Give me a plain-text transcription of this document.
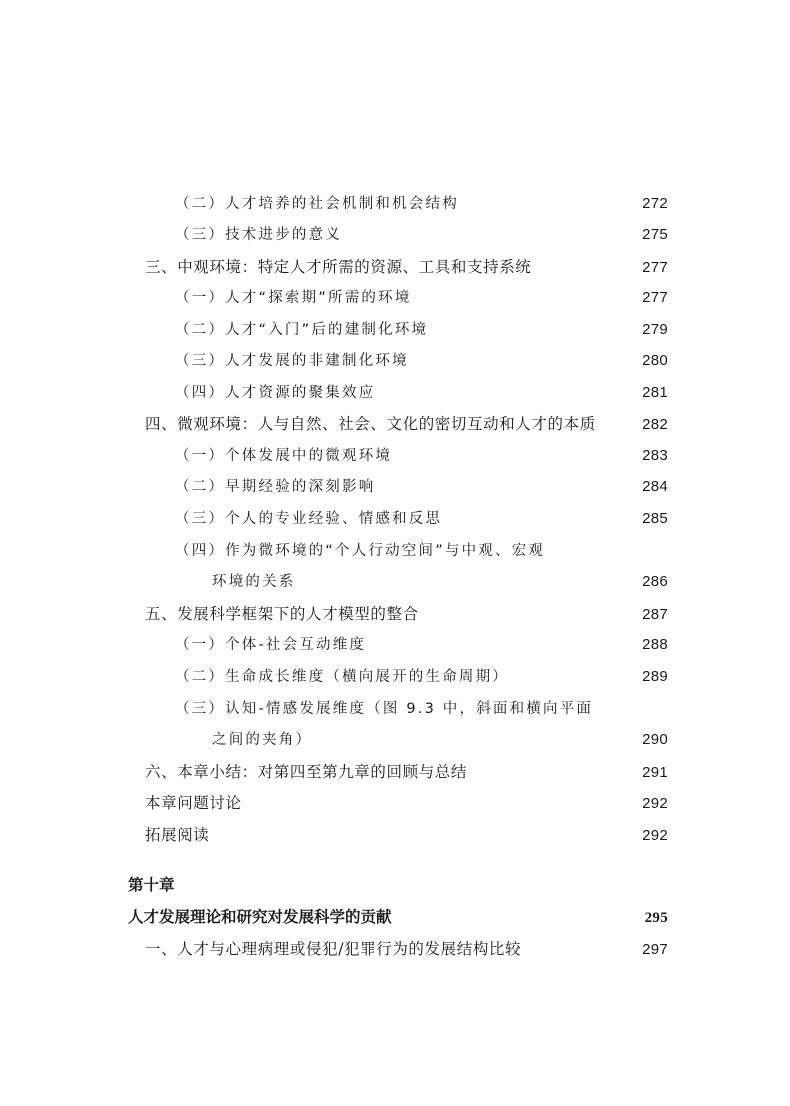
（二）人才培养的社会机制和机会结构	272
（三）技术进步的意义	275
三、中观环境：特定人才所需的资源、工具和支持系统	277
（一）人才“探索期”所需的环境	277
（二）人才“入门”后的建制化环境	279
（三）人才发展的非建制化环境	280
（四）人才资源的聚集效应	281
四、微观环境：人与自然、社会、文化的密切互动和人才的本质	282
（一）个体发展中的微观环境	283
（二）早期经验的深刻影响	284
（三）个人的专业经验、情感和反思	285
（四）作为微环境的“个人行动空间”与中观、宏观
环境的关系	286
五、发展科学框架下的人才模型的整合	287
（一）个体-社会互动维度	288
（二）生命成长维度（横向展开的生命周期）	289
（三）认知-情感发展维度（图 9.3 中，斜面和横向平面
之间的夹角）	290
六、本章小结：对第四至第九章的回顾与总结	291
本章问题讨论	292
拓展阅读	292
第十章
人才发展理论和研究对发展科学的贡献	295
一、人才与心理病理或侵犯/犯罪行为的发展结构比较	297
